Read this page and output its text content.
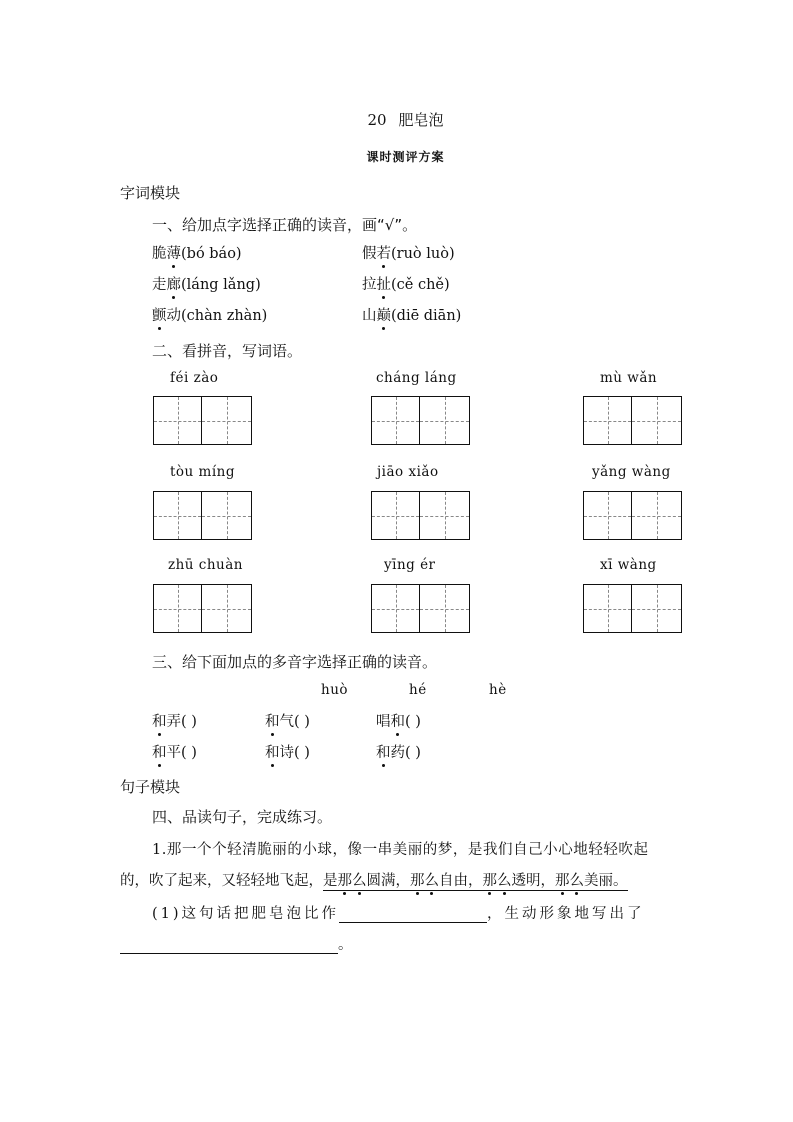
20 肥皂泡
课时测评方案
字词模块
一、给加点字选择正确的读音，画“√”。
脆薄(bó báo)	假若(ruò luò)
走廊(láng lǎng)	拉扯(cě chě)
颤动(chàn zhàn)	山巅(diē diān)
二、看拼音，写词语。
féi zào	cháng láng	mù wǎn
tòu míng	jiāo xiǎo	yǎng wàng
zhū chuàn	yīng ér	xī wàng
三、给下面加点的多音字选择正确的读音。
huò	hé	hè
和弄( )	和气( )	唱和( )
和平( )	和诗( )	和药( )
句子模块
四、品读句子，完成练习。
1.那一个个轻清脆丽的小球，像一串美丽的梦，是我们自己小心地轻轻吹起
的，吹了起来，又轻轻地飞起，是那么圆满，那么自由，那么透明，那么美丽。
(1)这句话把肥皂泡比作	，生动形象地写出了
。
